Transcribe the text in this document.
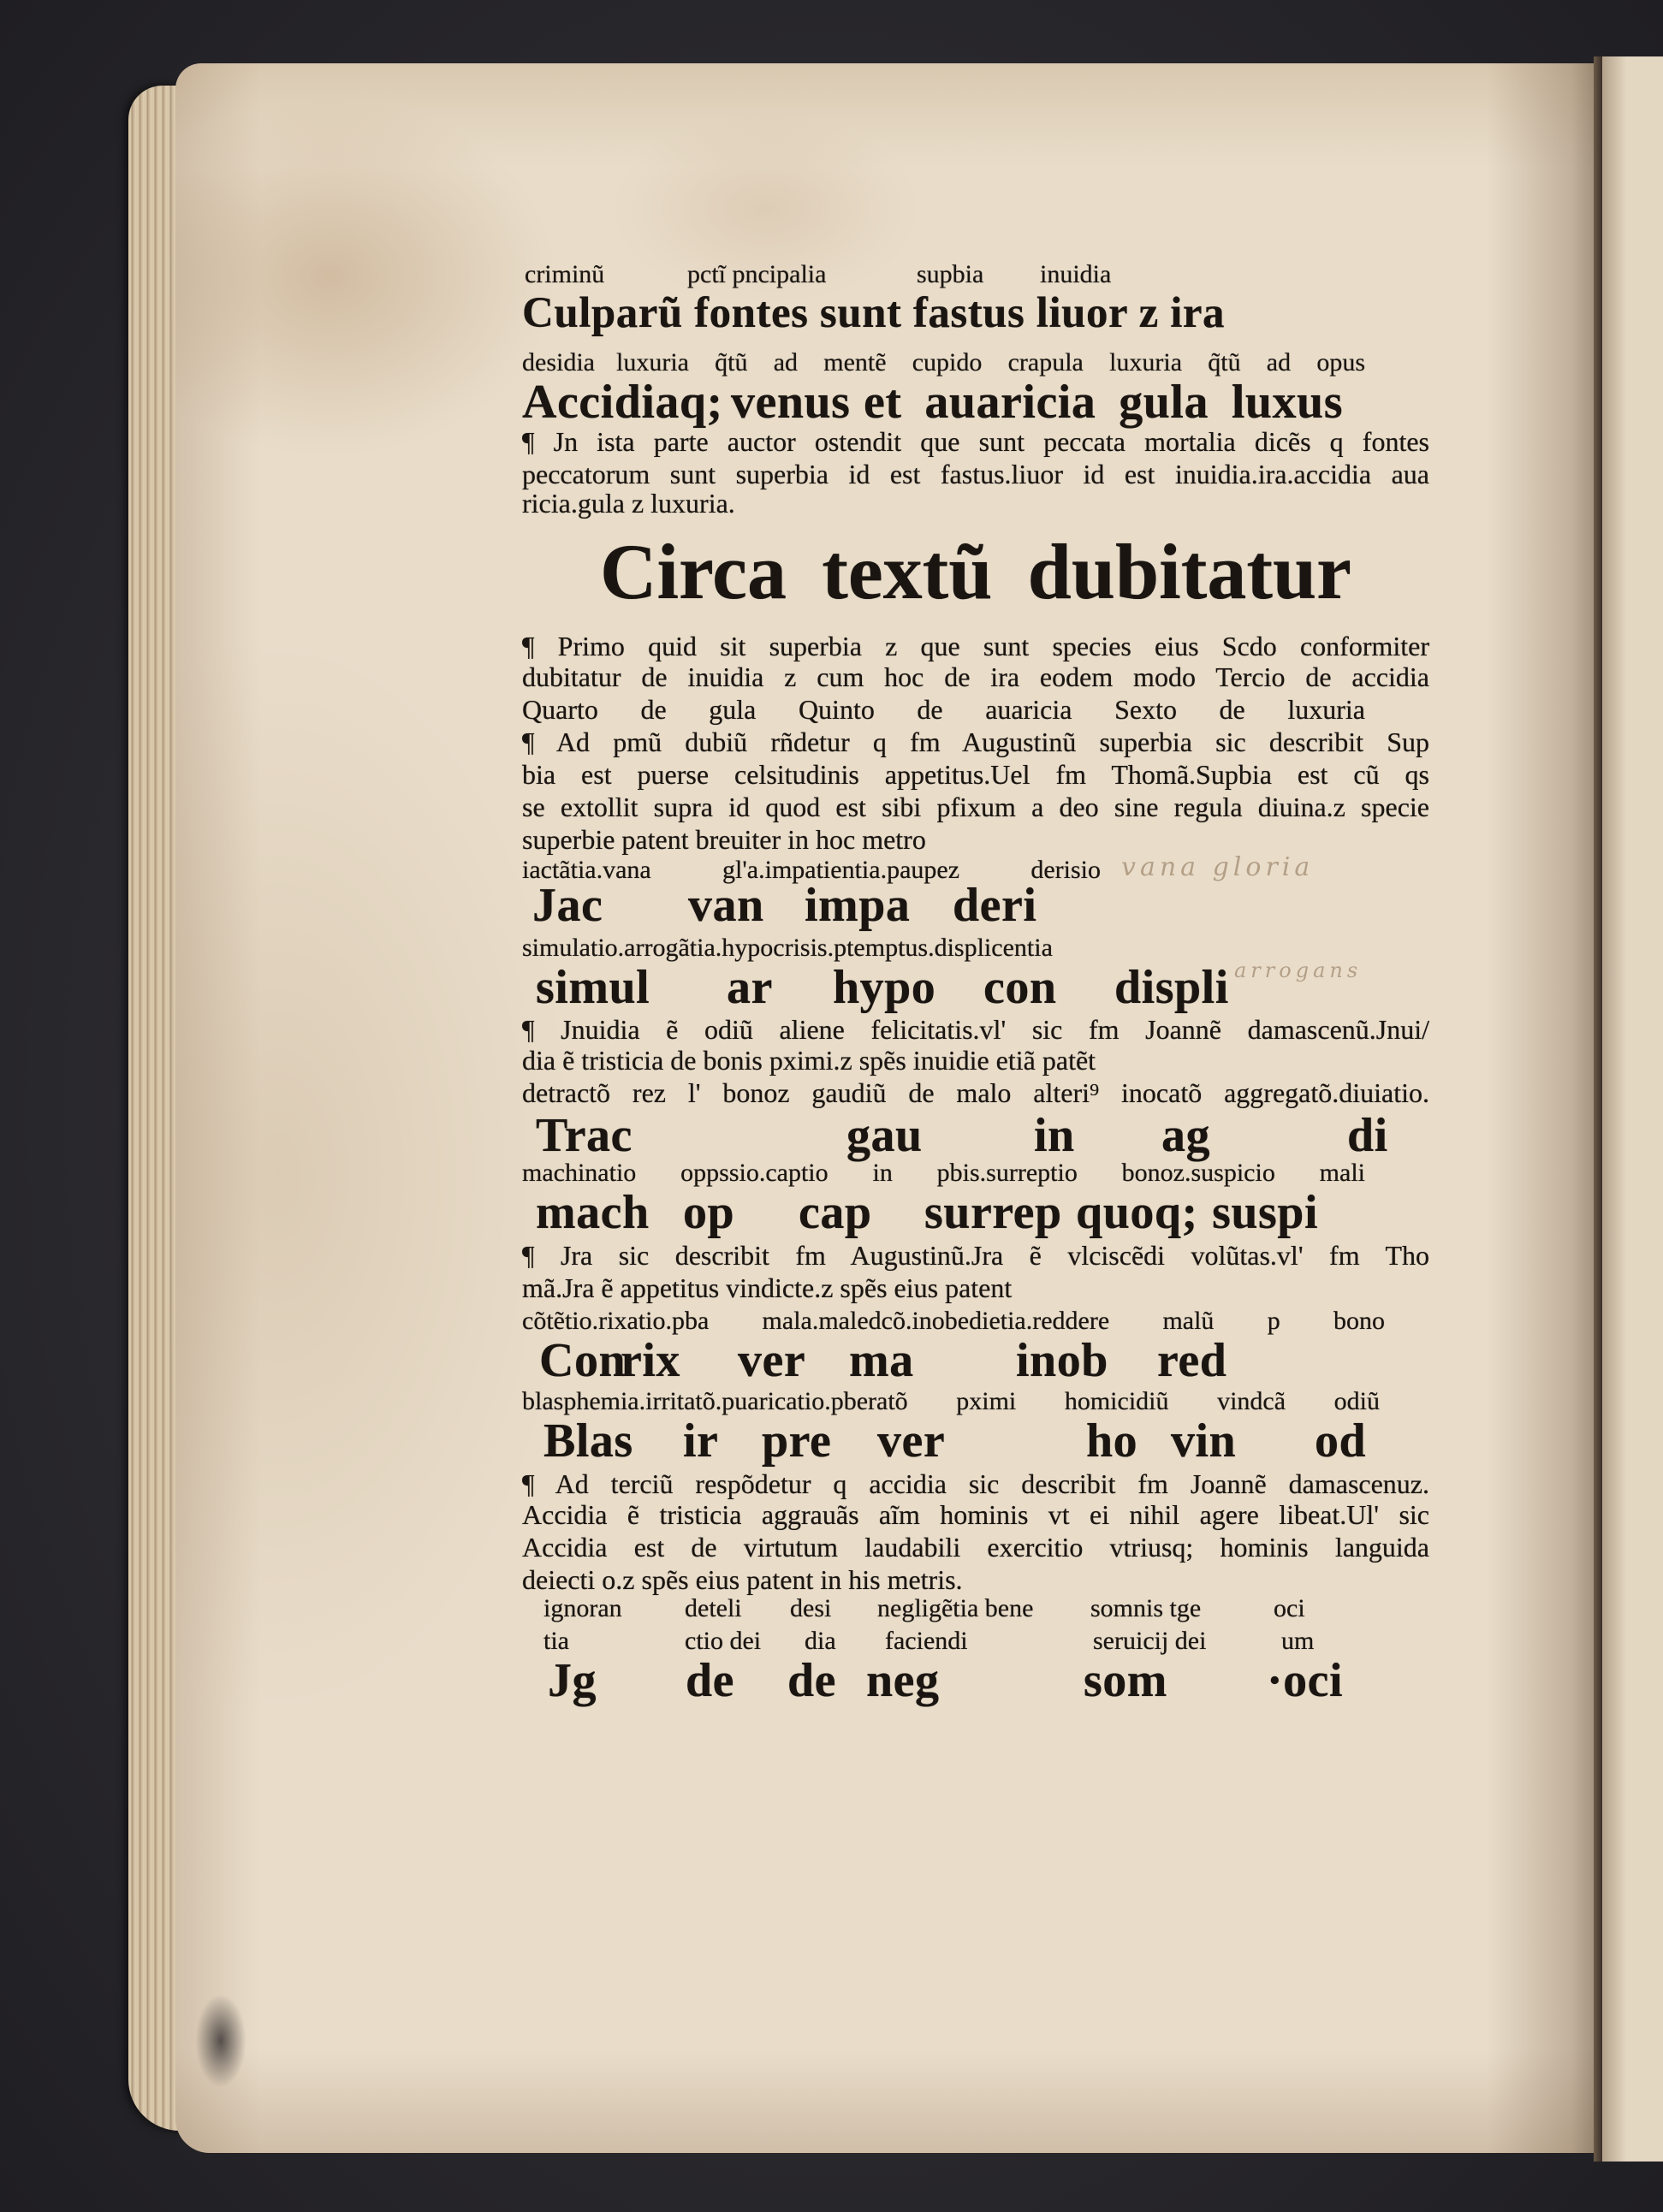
criminũ	pctĩ pncipalia	supbia inuidia
Culparũ fontes sunt fastus liuor z ira
desidia luxuria q̃tũ ad mentẽ cupido crapula luxuria q̃tũ ad opus
Accidiaq; venus et auaricia gula luxus
¶ Jn ista parte auctor ostendit que sunt peccata mortalia dicẽs q fontes
peccatorum sunt superbia id est fastus.liuor id est inuidia.ira.accidia aua
ricia.gula z luxuria.
Circa textũ dubitatur
¶ Primo quid sit superbia z que sunt species eius Scdo conformiter
dubitatur de inuidia z cum hoc de ira eodem modo Tercio de accidia
Quarto de gula Quinto de auaricia Sexto de luxuria
¶ Ad pmũ dubiũ rñdetur q fm Augustinũ superbia sic describit Sup
bia est puerse celsitudinis appetitus.Uel fm Thomã.Supbia est cũ qs
se extollit supra id quod est sibi pfixum a deo sine regula diuina.z specie
superbie patent breuiter in hoc metro
iactãtia.vana gl'a.impatientia.paupez derisio vana gloria
Jac van impa deri
simulatio.arrogãtia.hypocrisis.ptemptus.displicentia
arrogans
simul ar hypo con displi
¶ Jnuidia ẽ odiũ aliene felicitatis.vl' sic fm Joannẽ damascenũ.Jnui/
dia ẽ tristicia de bonis pximi.z spẽs inuidie etiã patẽt
detractõ rez l' bonoz gaudiũ de malo alteri⁹ inocatõ aggregatõ.diuiatio.
Trac	gau in ag	di
machinatio oppssio.captio in pbis.surreptio bonoz.suspicio mali
mach op cap surrep quoq; suspi
¶ Jra sic describit fm Augustinũ.Jra ẽ vlciscẽdi volũtas.vl' fm Tho
mã.Jra ẽ appetitus vindicte.z spẽs eius patent
cõtẽtio.rixatio.pba mala.maledcõ.inobedietia.reddere malũ p bono
Con
rix ver ma inob red
blasphemia.irritatõ.puaricatio.pberatõ pximi homicidiũ vindcã odiũ
Blas ir pre ver	ho vin od
¶ Ad terciũ respõdetur q accidia sic describit fm Joannẽ damascenuz.
Accidia ẽ tristicia aggrauãs aĩm hominis vt ei nihil agere libeat.Ul' sic
Accidia est de virtutum laudabili exercitio vtriusq; hominis languida
deiecti o.z spẽs eius patent in his metris.
ignoran deteli desi negligẽtia bene somnis tge	oci
tia	ctio dei dia faciendi	seruicij dei	um
Jg de de neg	som ·oci
